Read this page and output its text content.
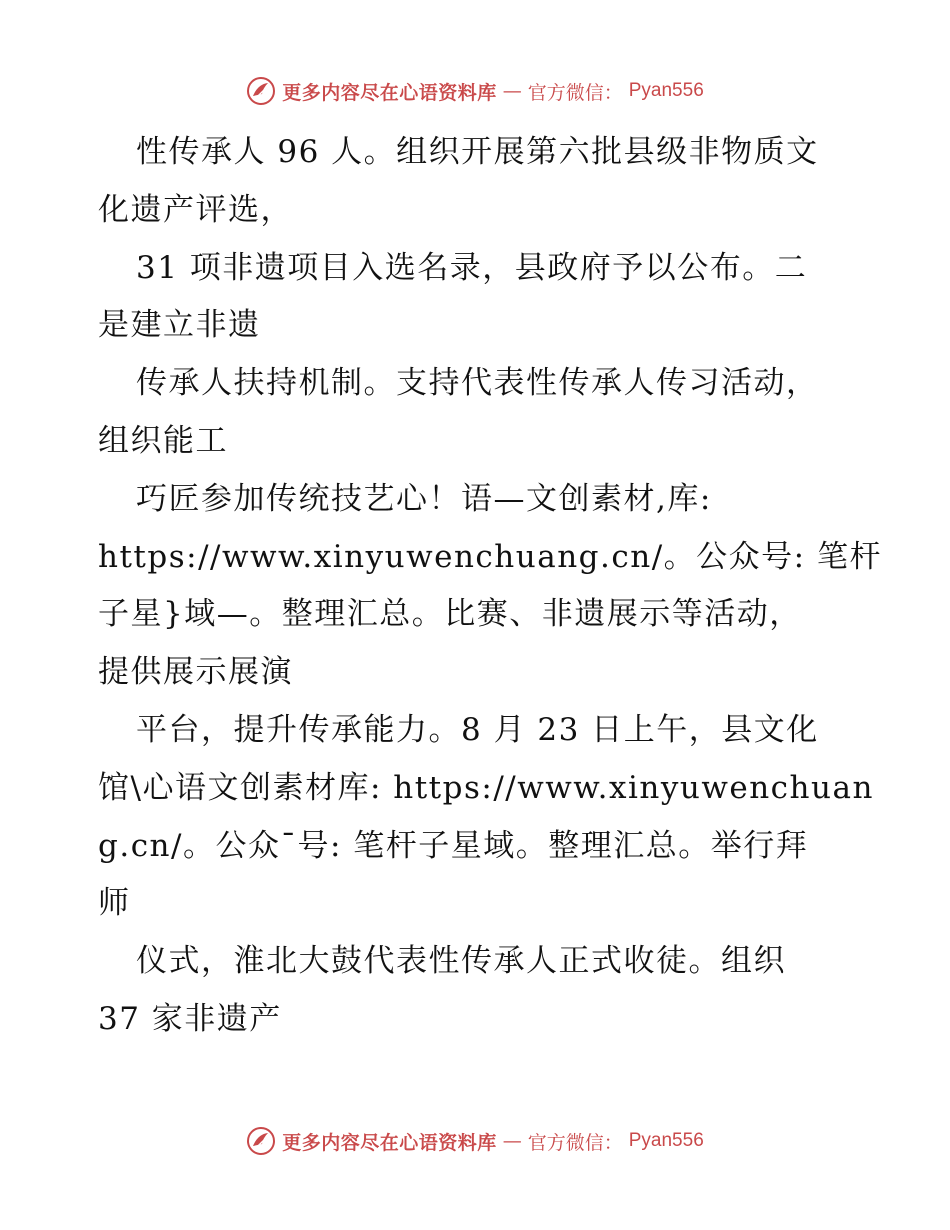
更多内容尽在心语资料库 — 官方微信： Pyan556
性传承人 96 人。组织开展第六批县级非物质文
化遗产评选，
31 项非遗项目入选名录，县政府予以公布。二
是建立非遗
传承人扶持机制。支持代表性传承人传习活动，
组织能工
巧匠参加传统技艺心！语—文创素材,库:
https://www.xinyuwenchuang.cn/。公众号: 笔杆
子星}域—。整理汇总。比赛、非遗展示等活动，
提供展示展演
平台，提升传承能力。8 月 23 日上午，县文化
馆\心语文创素材库: https://www.xinyuwenchuan
g.cn/。公众¯号: 笔杆子星域。整理汇总。举行拜
师
仪式，淮北大鼓代表性传承人正式收徒。组织
37 家非遗产
更多内容尽在心语资料库 — 官方微信： Pyan556
